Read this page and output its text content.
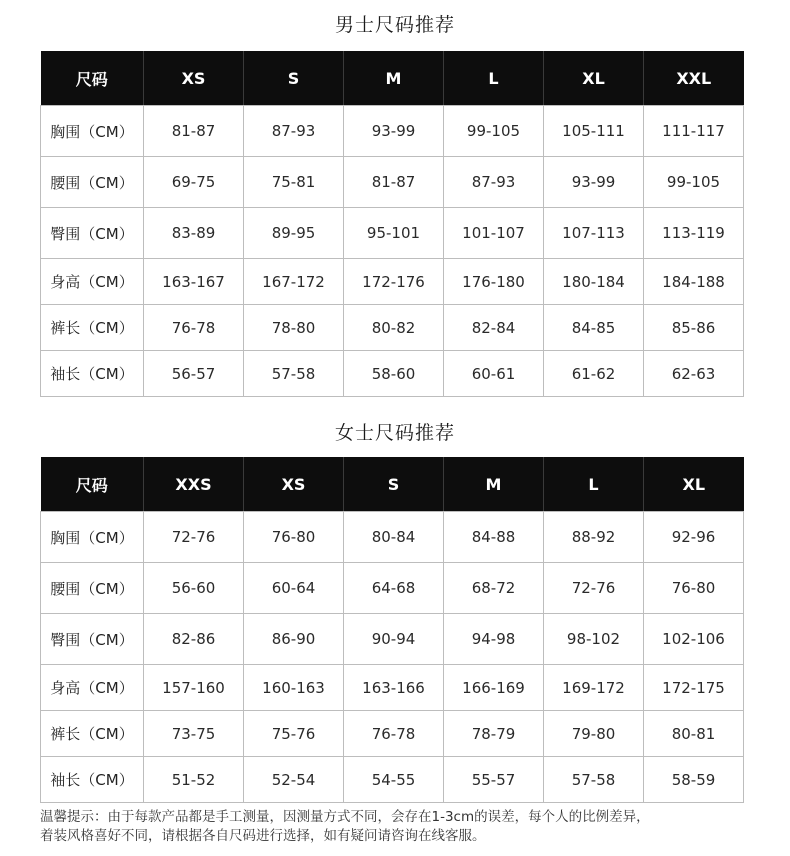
男士尺码推荐
尺码	XS	S	M	L	XL	XXL
胸围（CM）	81-87	87-93	93-99	99-105	105-111	111-117
腰围（CM）	69-75	75-81	81-87	87-93	93-99	99-105
臀围（CM）	83-89	89-95	95-101	101-107	107-113	113-119
身高（CM）	163-167	167-172	172-176	176-180	180-184	184-188
裤长（CM）	76-78	78-80	80-82	82-84	84-85	85-86
袖长（CM）	56-57	57-58	58-60	60-61	61-62	62-63
女士尺码推荐
尺码	XXS	XS	S	M	L	XL
胸围（CM）	72-76	76-80	80-84	84-88	88-92	92-96
腰围（CM）	56-60	60-64	64-68	68-72	72-76	76-80
臀围（CM）	82-86	86-90	90-94	94-98	98-102	102-106
身高（CM）	157-160	160-163	163-166	166-169	169-172	172-175
裤长（CM）	73-75	75-76	76-78	78-79	79-80	80-81
袖长（CM）	51-52	52-54	54-55	55-57	57-58	58-59
温馨提示：由于每款产品都是手工测量，因测量方式不同，会存在1-3cm的误差，每个人的比例差异，
着装风格喜好不同，请根据各自尺码进行选择，如有疑问请咨询在线客服。
